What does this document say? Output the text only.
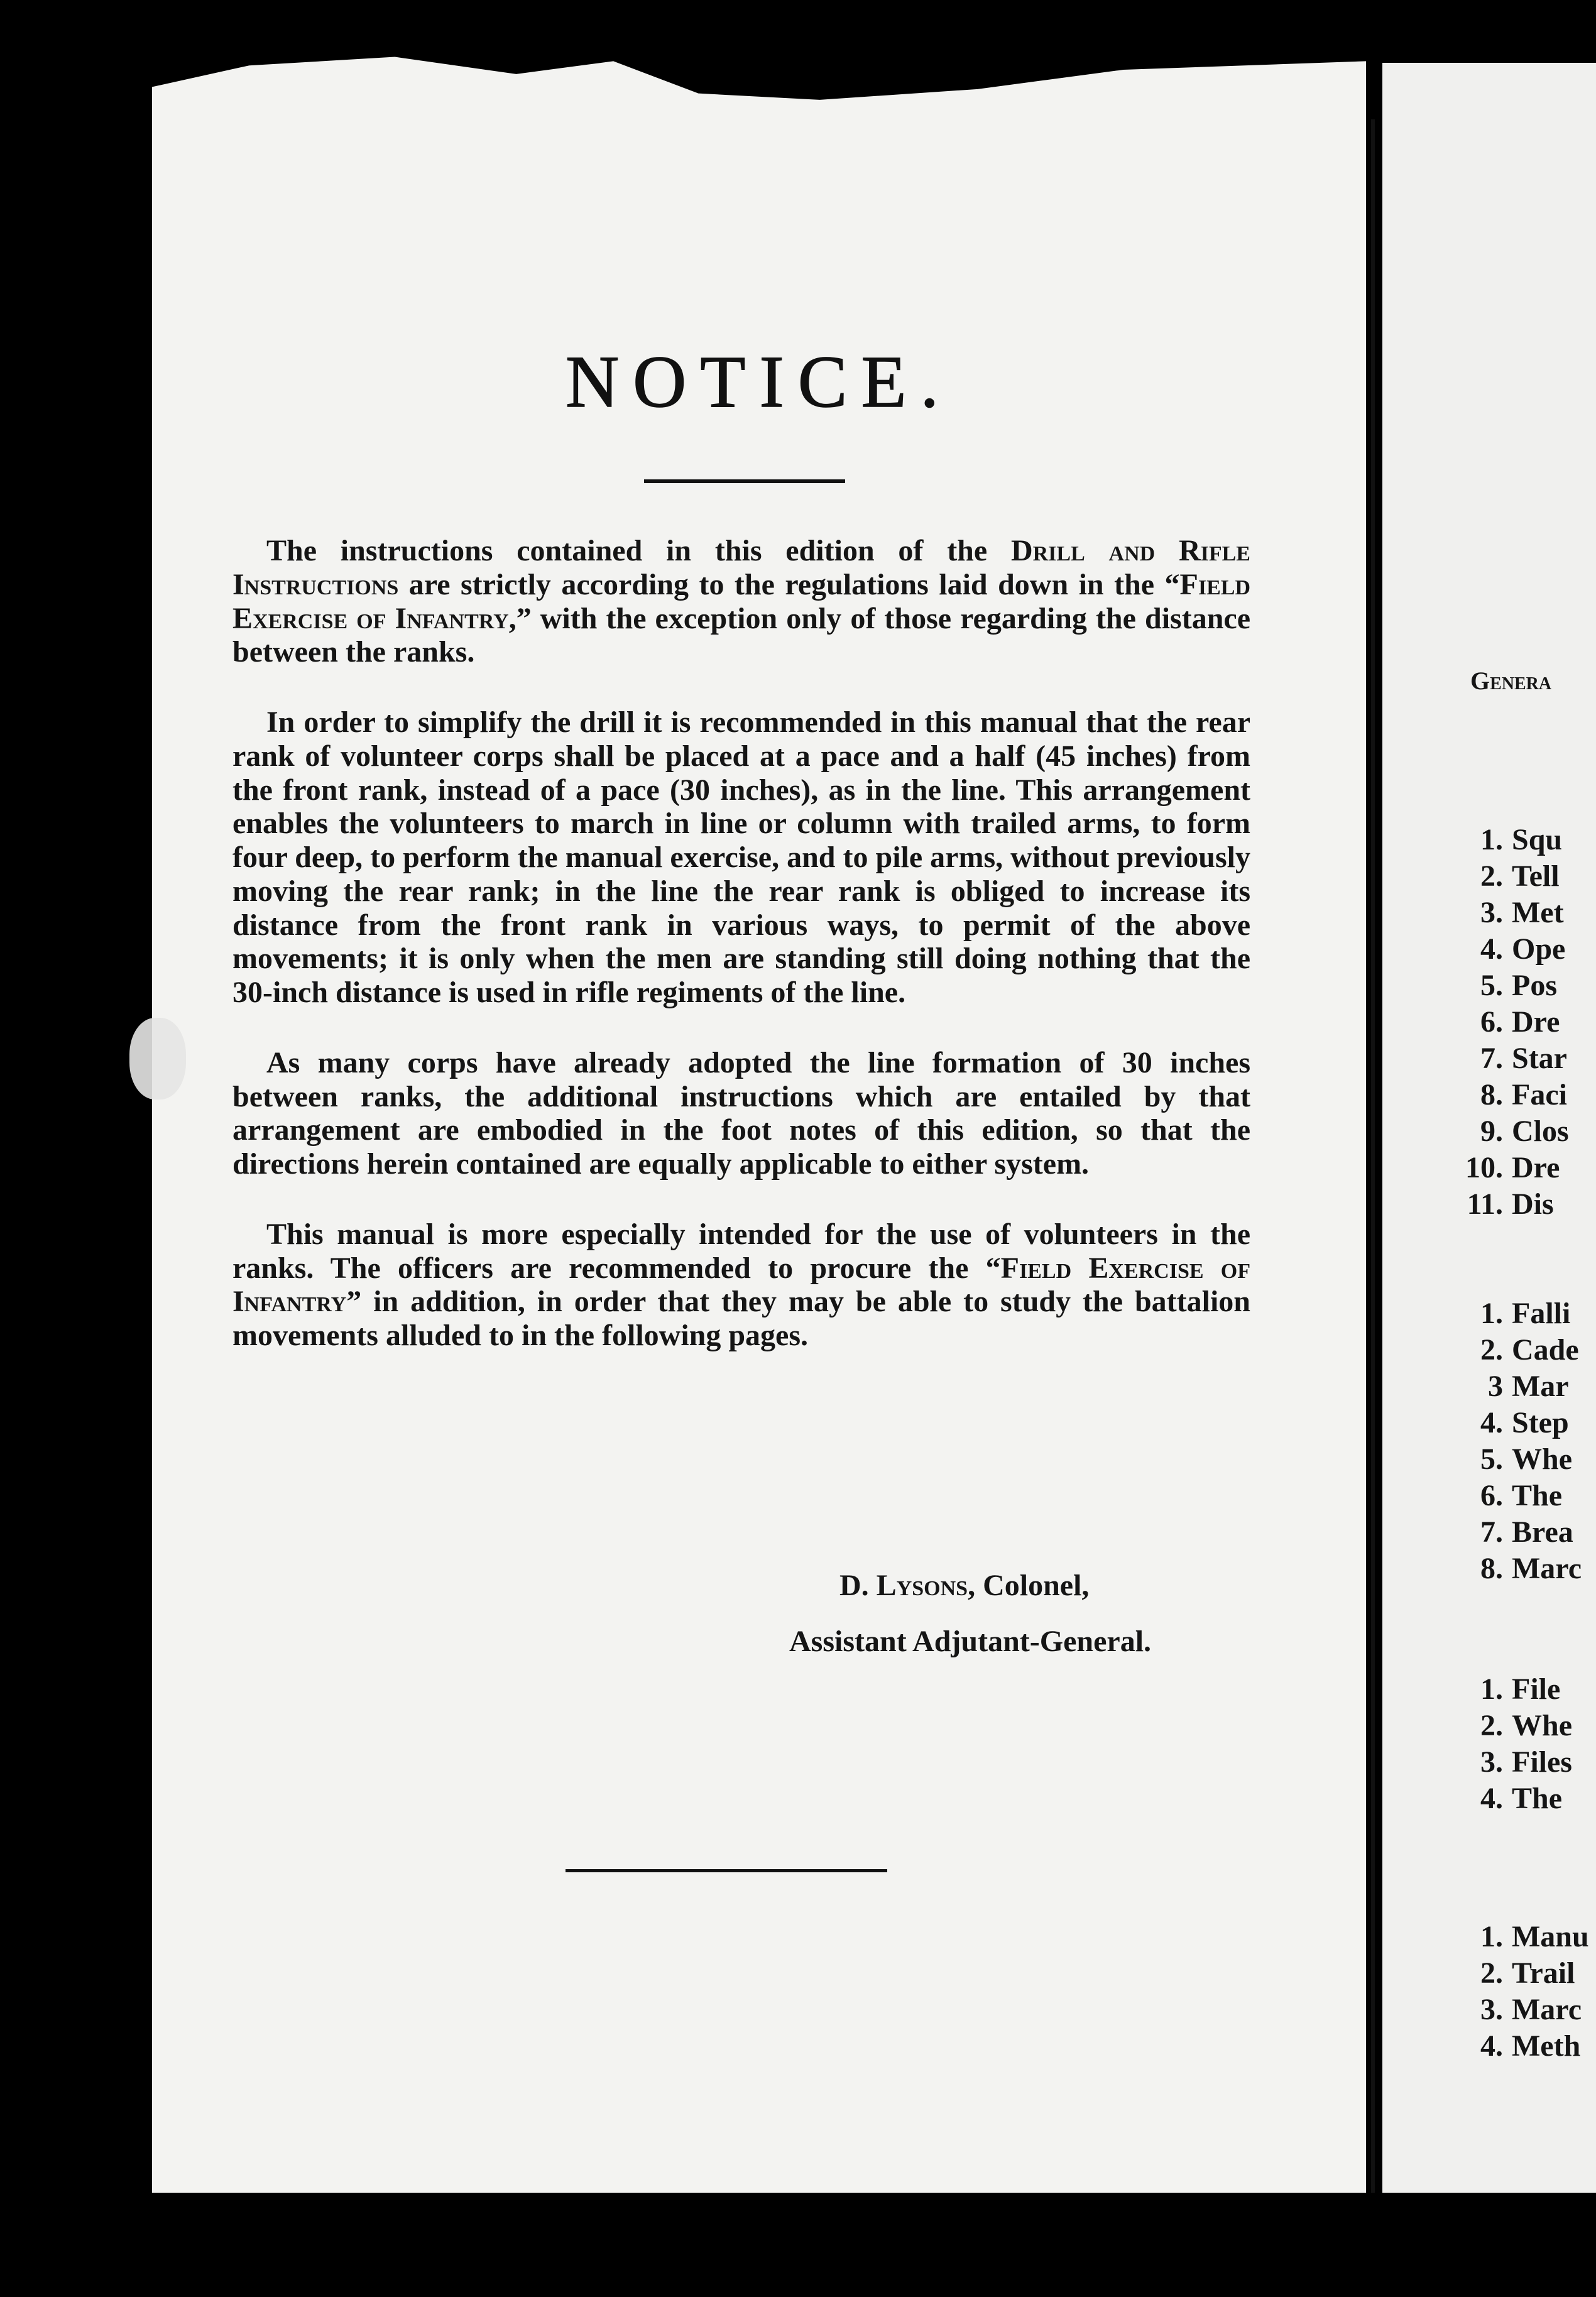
NOTICE.

The instructions contained in this edition of the Drill and Rifle Instructions are strictly according to the regulations laid down in the “Field Exercise of Infantry,” with the exception only of those regarding the distance between the ranks.

In order to simplify the drill it is recommended in this manual that the rear rank of volunteer corps shall be placed at a pace and a half (45 inches) from the front rank, instead of a pace (30 inches), as in the line. This arrangement enables the volunteers to march in line or column with trailed arms, to form four deep, to perform the manual exercise, and to pile arms, without previously moving the rear rank; in the line the rear rank is obliged to increase its distance from the front rank in various ways, to permit of the above movements; it is only when the men are standing still doing nothing that the 30-inch distance is used in rifle regiments of the line.

As many corps have already adopted the line formation of 30 inches between ranks, the additional instructions which are entailed by that arrangement are embodied in the foot notes of this edition, so that the directions herein contained are equally applicable to either system.

This manual is more especially intended for the use of volunteers in the ranks. The officers are recommended to procure the “Field Exercise of Infantry” in addition, in order that they may be able to study the battalion movements alluded to in the following pages.

D. Lysons, Colonel,
Assistant Adjutant-General.
Genera
1. Squ
2. Tell
3. Met
4. Ope
5. Pos
6. Dre
7. Star
8. Faci
9. Clos
10. Dre
11. Dis
1. Falli
2. Cade
3 Mar
4. Step
5. Whe
6. The
7. Brea
8. Marc
1. File
2. Whe
3. Files
4. The
1. Manu
2. Trail
3. Marc
4. Meth
